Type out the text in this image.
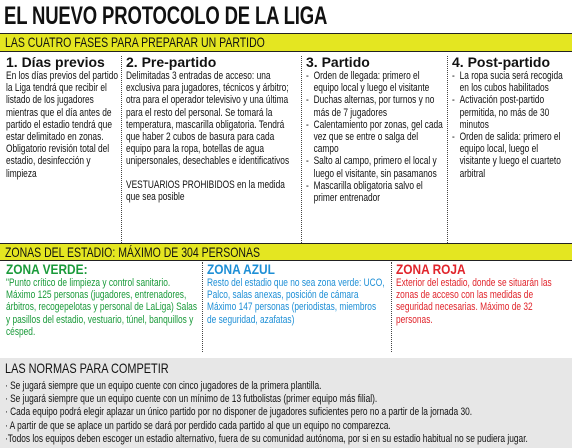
EL NUEVO PROTOCOLO DE LA LIGA
LAS CUATRO FASES PARA PREPARAR UN PARTIDO
1. Días previos
En los días previos del partido la Liga tendrá que recibir el listado de los jugadores mientras que el día antes de partido el estadio tendrá que estar delimitado en zonas. Obligatorio revisión total del estadio, desinfección y limpieza
2. Pre-partido
Delimitadas 3 entradas de acceso: una exclusiva para jugadores, técnicos y árbitro; otra para el operador televisivo y una última para el resto del personal. Se tomará la temperatura, mascarilla obligatoria. Tendrá que haber 2 cubos de basura para cada equipo para la ropa, botellas de agua unipersonales, desechables e identificativos
VESTUARIOS PROHIBIDOS en la medida que sea posible
3. Partido
- Orden de llegada: primero el equipo local y luego el visitante
- Duchas alternas, por turnos y no más de 7 jugadores
- Calentamiento por zonas, gel cada vez que se entre o salga del campo
- Salto al campo, primero el local y luego el visitante, sin pasamanos
- Mascarilla obligatoria salvo el primer entrenador
4. Post-partido
- La ropa sucia será recogida en los cubos habilitados
- Activación post-partido permitida, no más de 30 minutos
- Orden de salida: primero el equipo local, luego el visitante y luego el cuarteto arbitral
ZONAS DEL ESTADIO: MÁXIMO DE 304 PERSONAS
ZONA VERDE:
"Punto crítico de limpieza y control sanitario. Máximo 125 personas (jugadores, entrenadores, árbitros, recogepelotas y personal de LaLiga) Salas y pasillos del estadio, vestuario, túnel, banquillos y césped.
ZONA AZUL
Resto del estadio que no sea zona verde: UCO, Palco, salas anexas, posición de cámara Máximo 147 personas (periodistas, miembros de seguridad, azafatas)
ZONA ROJA
Exterior del estadio, donde se situarán las zonas de acceso con las medidas de seguridad necesarias. Máximo de 32 personas.
LAS NORMAS PARA COMPETIR
· Se jugará siempre que un equipo cuente con cinco jugadores de la primera plantilla.
· Se jugará siempre que un equipo cuente con un mínimo de 13 futbolistas (primer equipo más filial).
· Cada equipo podrá elegir aplazar un único partido por no disponer de jugadores suficientes pero no a partir de la jornada 30.
· A partir de que se aplace un partido se dará por perdido cada partido al que un equipo no comparezca.
·Todos los equipos deben escoger un estadio alternativo, fuera de su comunidad autónoma, por si en su estadio habitual no se pudiera jugar.
